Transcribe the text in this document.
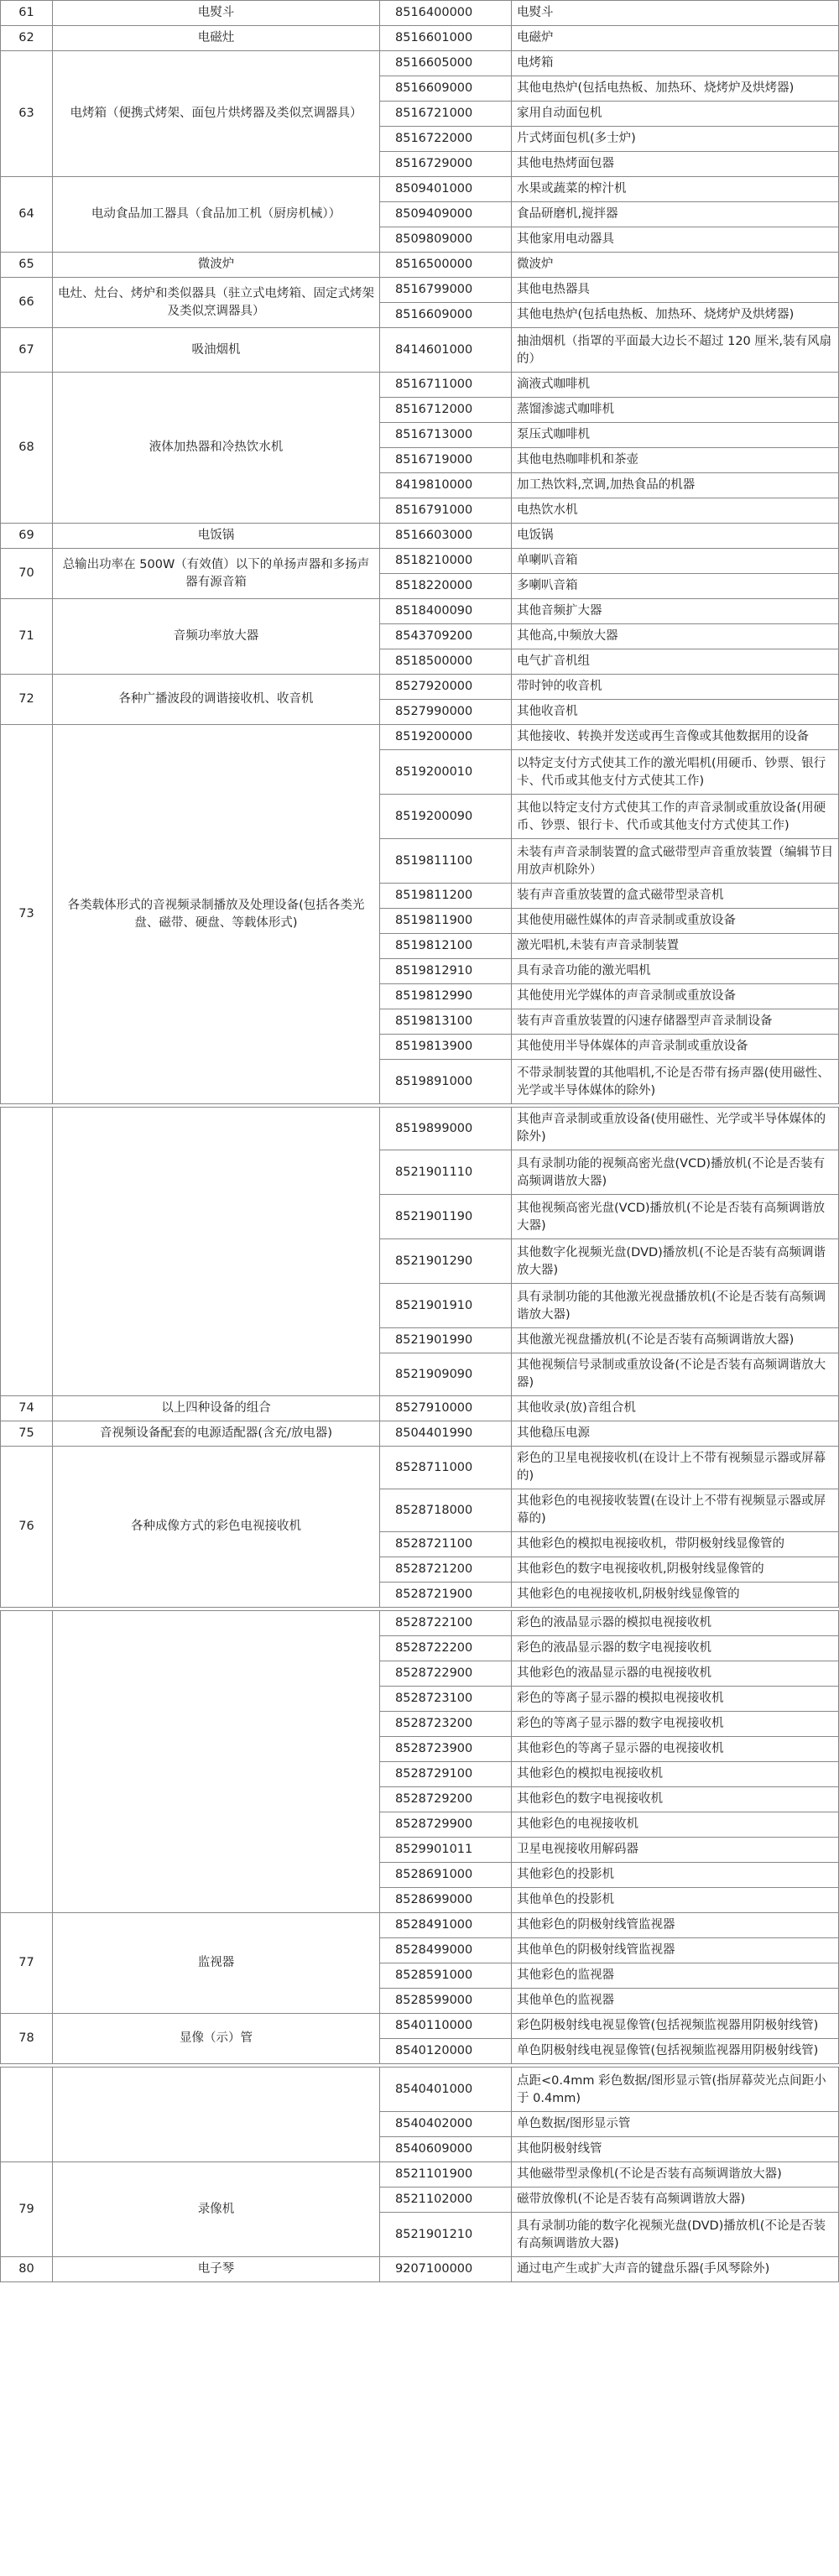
61	电熨斗	8516400000	电熨斗
62	电磁灶	8516601000	电磁炉
63	电烤箱（便携式烤架、面包片烘烤器及类似烹调器具）	8516605000	电烤箱
		8516609000	其他电热炉(包括电热板、加热环、烧烤炉及烘烤器)
		8516721000	家用自动面包机
		8516722000	片式烤面包机(多士炉)
		8516729000	其他电热烤面包器
64	电动食品加工器具（食品加工机（厨房机械））	8509401000	水果或蔬菜的榨汁机
		8509409000	食品研磨机,搅拌器
		8509809000	其他家用电动器具
65	微波炉	8516500000	微波炉
66	电灶、灶台、烤炉和类似器具（驻立式电烤箱、固定式烤架及类似烹调器具）	8516799000	其他电热器具
		8516609000	其他电热炉(包括电热板、加热环、烧烤炉及烘烤器)
67	吸油烟机	8414601000	抽油烟机（指罩的平面最大边长不超过 120 厘米,装有风扇的）
68	液体加热器和冷热饮水机	8516711000	滴液式咖啡机
		8516712000	蒸馏渗滤式咖啡机
		8516713000	泵压式咖啡机
		8516719000	其他电热咖啡机和茶壶
		8419810000	加工热饮料,烹调,加热食品的机器
		8516791000	电热饮水机
69	电饭锅	8516603000	电饭锅
70	总输出功率在 500W（有效值）以下的单扬声器和多扬声器有源音箱	8518210000	单喇叭音箱
		8518220000	多喇叭音箱
71	音频功率放大器	8518400090	其他音频扩大器
		8543709200	其他高,中频放大器
		8518500000	电气扩音机组
72	各种广播波段的调谐接收机、收音机	8527920000	带时钟的收音机
		8527990000	其他收音机
73	各类载体形式的音视频录制播放及处理设备(包括各类光盘、磁带、硬盘、等载体形式)	8519200000	其他接收、转换并发送或再生音像或其他数据用的设备
		8519200010	以特定支付方式使其工作的激光唱机(用硬币、钞票、银行卡、代币或其他支付方式使其工作)
		8519200090	其他以特定支付方式使其工作的声音录制或重放设备(用硬币、钞票、银行卡、代币或其他支付方式使其工作)
		8519811100	未装有声音录制装置的盒式磁带型声音重放装置（编辑节目用放声机除外）
		8519811200	装有声音重放装置的盒式磁带型录音机
		8519811900	其他使用磁性媒体的声音录制或重放设备
		8519812100	激光唱机,未装有声音录制装置
		8519812910	具有录音功能的激光唱机
		8519812990	其他使用光学媒体的声音录制或重放设备
		8519813100	装有声音重放装置的闪速存储器型声音录制设备
		8519813900	其他使用半导体媒体的声音录制或重放设备
		8519891000	不带录制装置的其他唱机,不论是否带有扬声器(使用磁性、光学或半导体媒体的除外)

		8519899000	其他声音录制或重放设备(使用磁性、光学或半导体媒体的除外)
		8521901110	具有录制功能的视频高密光盘(VCD)播放机(不论是否装有高频调谐放大器)
		8521901190	其他视频高密光盘(VCD)播放机(不论是否装有高频调谐放大器)
		8521901290	其他数字化视频光盘(DVD)播放机(不论是否装有高频调谐放大器)
		8521901910	具有录制功能的其他激光视盘播放机(不论是否装有高频调谐放大器)
		8521901990	其他激光视盘播放机(不论是否装有高频调谐放大器)
		8521909090	其他视频信号录制或重放设备(不论是否装有高频调谐放大器)
74	以上四种设备的组合	8527910000	其他收录(放)音组合机
75	音视频设备配套的电源适配器(含充/放电器)	8504401990	其他稳压电源
76	各种成像方式的彩色电视接收机	8528711000	彩色的卫星电视接收机(在设计上不带有视频显示器或屏幕的)
		8528718000	其他彩色的电视接收装置(在设计上不带有视频显示器或屏幕的)
		8528721100	其他彩色的模拟电视接收机，带阴极射线显像管的
		8528721200	其他彩色的数字电视接收机,阴极射线显像管的
		8528721900	其他彩色的电视接收机,阴极射线显像管的

		8528722100	彩色的液晶显示器的模拟电视接收机
		8528722200	彩色的液晶显示器的数字电视接收机
		8528722900	其他彩色的液晶显示器的电视接收机
		8528723100	彩色的等离子显示器的模拟电视接收机
		8528723200	彩色的等离子显示器的数字电视接收机
		8528723900	其他彩色的等离子显示器的电视接收机
		8528729100	其他彩色的模拟电视接收机
		8528729200	其他彩色的数字电视接收机
		8528729900	其他彩色的电视接收机
		8529901011	卫星电视接收用解码器
		8528691000	其他彩色的投影机
		8528699000	其他单色的投影机
77	监视器	8528491000	其他彩色的阴极射线管监视器
		8528499000	其他单色的阴极射线管监视器
		8528591000	其他彩色的监视器
		8528599000	其他单色的监视器
78	显像（示）管	8540110000	彩色阴极射线电视显像管(包括视频监视器用阴极射线管)
		8540120000	单色阴极射线电视显像管(包括视频监视器用阴极射线管)

		8540401000	点距<0.4mm 彩色数据/图形显示管(指屏幕荧光点间距小于 0.4mm)
		8540402000	单色数据/图形显示管
		8540609000	其他阴极射线管
79	录像机	8521101900	其他磁带型录像机(不论是否装有高频调谐放大器)
		8521102000	磁带放像机(不论是否装有高频调谐放大器)
		8521901210	具有录制功能的数字化视频光盘(DVD)播放机(不论是否装有高频调谐放大器)
80	电子琴	9207100000	通过电产生或扩大声音的键盘乐器(手风琴除外)
